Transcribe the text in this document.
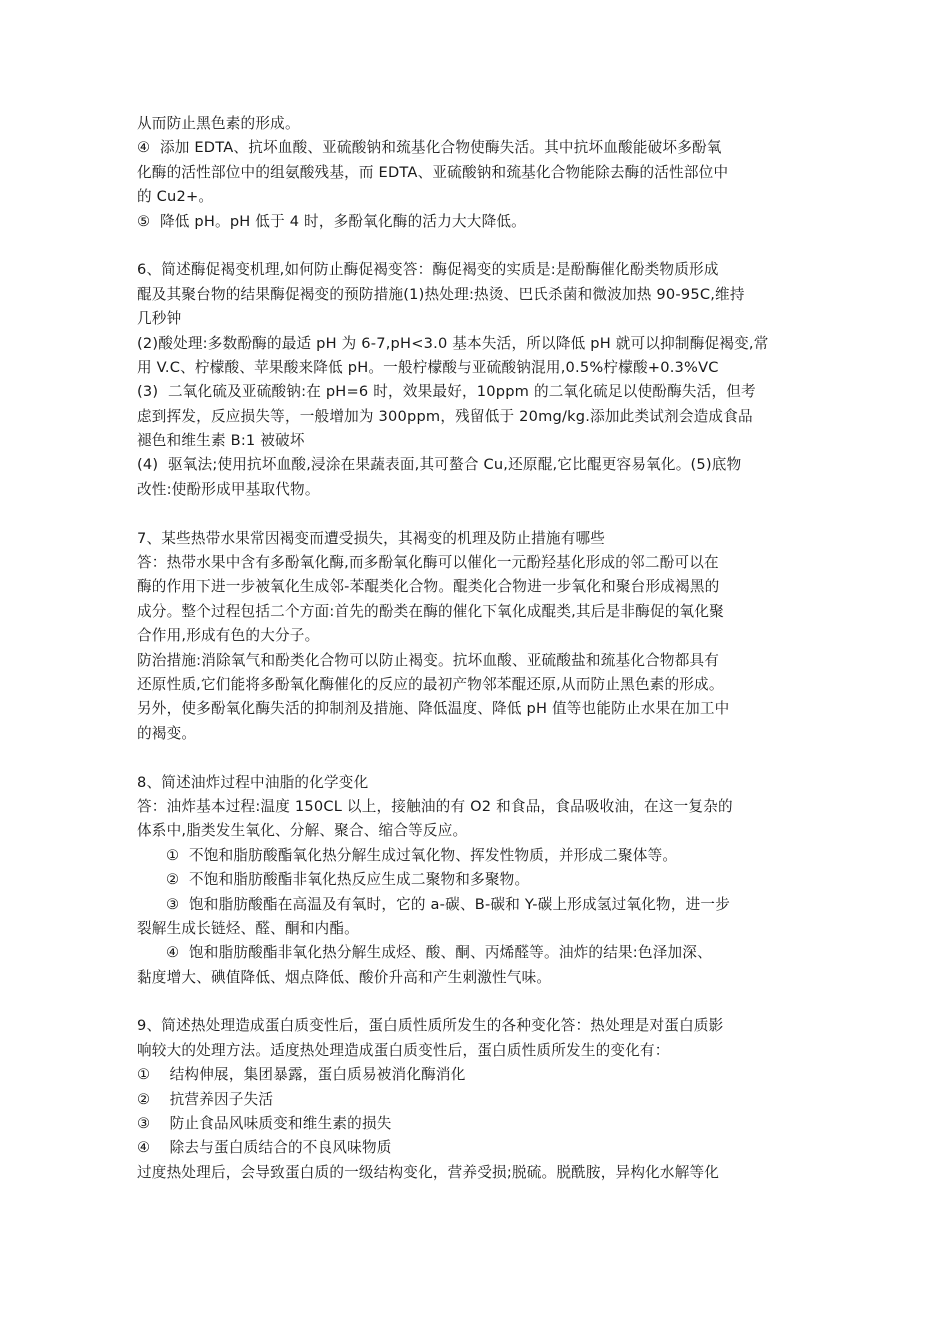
从而防止黑色素的形成。
④  添加 EDTA、抗坏血酸、亚硫酸钠和巯基化合物使酶失活。其中抗坏血酸能破坏多酚氧
化酶的活性部位中的组氨酸残基，而 EDTA、亚硫酸钠和巯基化合物能除去酶的活性部位中
的 Cu2+。
⑤  降低 pH。pH 低于 4 时，多酚氧化酶的活力大大降低。
6、简述酶促褐变机理,如何防止酶促褐变答：酶促褐变的实质是:是酚酶催化酚类物质形成
醌及其聚台物的结果酶促褐变的预防措施(1)热处理:热烫、巴氏杀菌和微波加热 90-95C,维持
几秒钟
(2)酸处理:多数酚酶的最适 pH 为 6-7,pH<3.0 基本失活，所以降低 pH 就可以抑制酶促褐变,常
用 V.C、柠檬酸、苹果酸来降低 pH。一般柠檬酸与亚硫酸钠混用,0.5%柠檬酸+0.3%VC
(3)  二氧化硫及亚硫酸钠:在 pH=6 时，效果最好，10ppm 的二氧化硫足以使酚酶失活，但考
虑到挥发，反应损失等，一般增加为 300ppm，残留低于 20mg/kg.添加此类试剂会造成食品
褪色和维生素 B:1 被破坏
(4)  驱氧法;使用抗坏血酸,浸涂在果蔬表面,其可螯合 Cu,还原醌,它比醌更容易氧化。(5)底物
改性:使酚形成甲基取代物。
7、某些热带水果常因褐变而遭受损失，其褐变的机理及防止措施有哪些
答：热带水果中含有多酚氧化酶,而多酚氧化酶可以催化一元酚羟基化形成的邻二酚可以在
酶的作用下进一步被氧化生成邻-苯醌类化合物。醌类化合物进一步氧化和聚台形成褐黑的
成分。整个过程包括二个方面:首先的酚类在酶的催化下氧化成醌类,其后是非酶促的氧化聚
合作用,形成有色的大分子。
防治措施:消除氧气和酚类化合物可以防止褐变。抗坏血酸、亚硫酸盐和巯基化合物都具有
还原性质,它们能将多酚氧化酶催化的反应的最初产物邻苯醌还原,从而防止黑色素的形成。
另外，使多酚氧化酶失活的抑制剂及措施、降低温度、降低 pH 值等也能防止水果在加工中
的褐变。
8、简述油炸过程中油脂的化学变化
答：油炸基本过程:温度 150CL 以上，接触油的有 O2 和食品，食品吸收油，在这一复杂的
体系中,脂类发生氧化、分解、聚合、缩合等反应。
①  不饱和脂肪酸酯氧化热分解生成过氧化物、挥发性物质，并形成二聚体等。
②  不饱和脂肪酸酯非氧化热反应生成二聚物和多聚物。
③  饱和脂肪酸酯在高温及有氧时，它的 a-碳、B-碳和 Y-碳上形成氢过氧化物，进一步
裂解生成长链烃、醛、酮和内酯。
④  饱和脂肪酸酯非氧化热分解生成烃、酸、酮、丙烯醛等。油炸的结果:色泽加深、
黏度增大、碘值降低、烟点降低、酸价升高和产生刺激性气味。
9、简述热处理造成蛋白质变性后，蛋白质性质所发生的各种变化答：热处理是对蛋白质影
响较大的处理方法。适度热处理造成蛋白质变性后，蛋白质性质所发生的变化有：
①    结构伸展，集团暴露，蛋白质易被消化酶消化
②    抗营养因子失活
③    防止食品风味质变和维生素的损失
④    除去与蛋白质结合的不良风味物质
过度热处理后，会导致蛋白质的一级结构变化，营养受损;脱硫。脱酰胺，异构化水解等化
